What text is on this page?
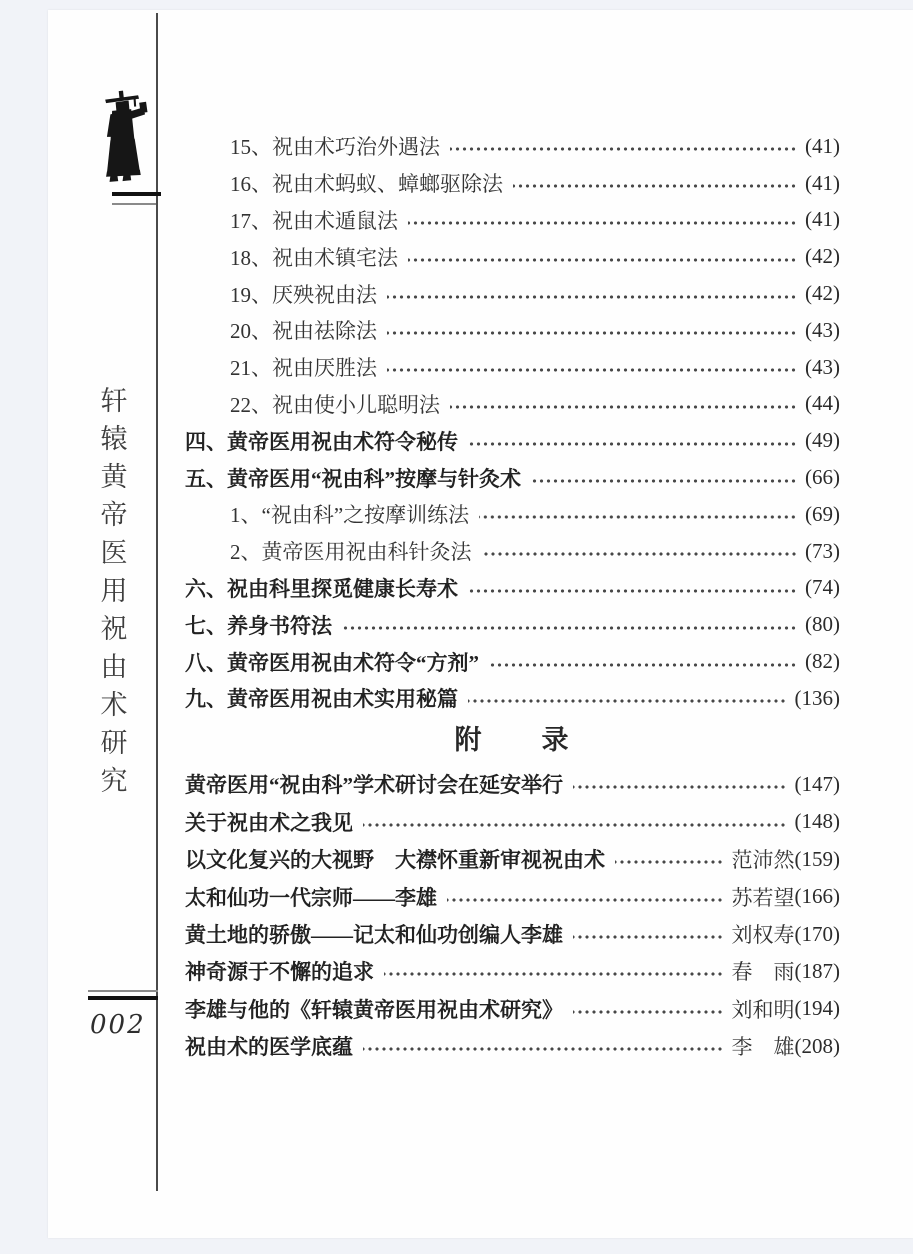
轩
辕
黄
帝
医
用
祝
由
术
研
究
002
15、祝由术巧治外遇法	(41)
16、祝由术蚂蚁、蟑螂驱除法	(41)
17、祝由术遁鼠法	(41)
18、祝由术镇宅法	(42)
19、厌殃祝由法	(42)
20、祝由祛除法	(43)
21、祝由厌胜法	(43)
22、祝由使小儿聪明法	(44)
四、黄帝医用祝由术符令秘传	(49)
五、黄帝医用“祝由科”按摩与针灸术	(66)
1、“祝由科”之按摩训练法	(69)
2、黄帝医用祝由科针灸法	(73)
六、祝由科里探觅健康长寿术	(74)
七、养身书符法	(80)
八、黄帝医用祝由术符令“方剂”	(82)
九、黄帝医用祝由术实用秘篇	(136)
附　　录
黄帝医用“祝由科”学术研讨会在延安举行	(147)
关于祝由术之我见	(148)
以文化复兴的大视野　大襟怀重新审视祝由术	范沛然 (159)
太和仙功一代宗师——李雄	苏若望 (166)
黄土地的骄傲——记太和仙功创编人李雄	刘权寿 (170)
神奇源于不懈的追求	春　雨 (187)
李雄与他的《轩辕黄帝医用祝由术研究》	刘和明 (194)
祝由术的医学底蕴	李　雄 (208)
